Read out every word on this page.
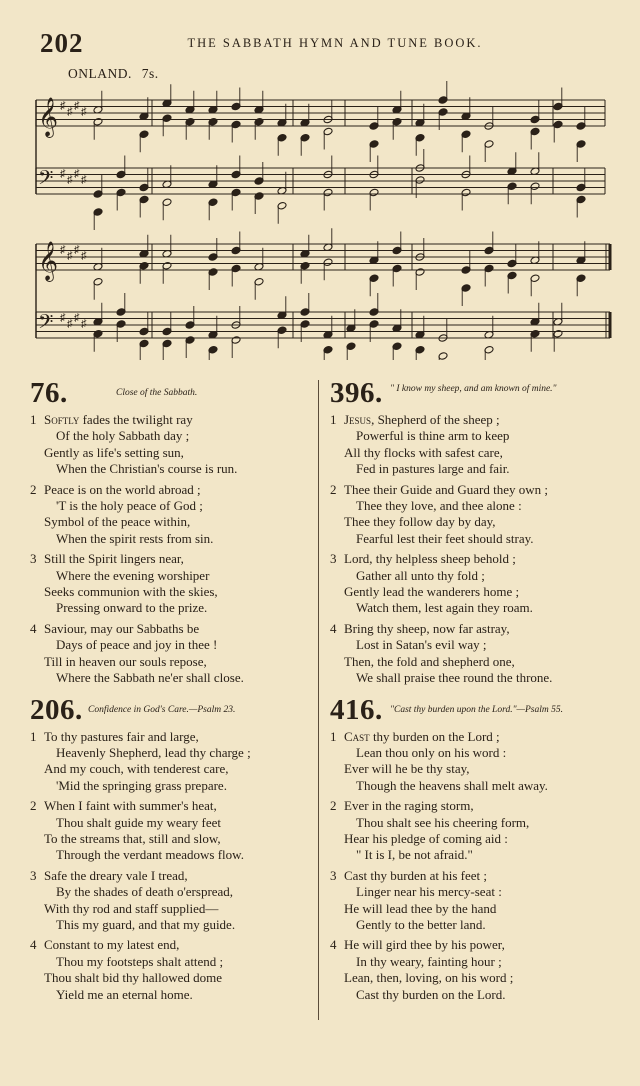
202	THE SABBATH HYMN AND TUNE BOOK.
ONLAND. 7s.
𝄞 ♯ ♯ ♯ ♯
𝄢 ♯ ♯ ♯ ♯
𝄞 ♯ ♯ ♯ ♯
𝄢 ♯ ♯ ♯ ♯
76.	Close of the Sabbath.
1 Softly fades the twilight ray
Of the holy Sabbath day ;
Gently as life's setting sun,
When the Christian's course is run.
2 Peace is on the world abroad ;
'T is the holy peace of God ;
Symbol of the peace within,
When the spirit rests from sin.
3 Still the Spirit lingers near,
Where the evening worshiper
Seeks communion with the skies,
Pressing onward to the prize.
4 Saviour, may our Sabbaths be
Days of peace and joy in thee !
Till in heaven our souls repose,
Where the Sabbath ne'er shall close.
206. Confidence in God's Care.—Psalm 23.
1 To thy pastures fair and large,
Heavenly Shepherd, lead thy charge ;
And my couch, with tenderest care,
'Mid the springing grass prepare.
2 When I faint with summer's heat,
Thou shalt guide my weary feet
To the streams that, still and slow,
Through the verdant meadows flow.
3 Safe the dreary vale I tread,
By the shades of death o'erspread,
With thy rod and staff supplied—
This my guard, and that my guide.
4 Constant to my latest end,
Thou my footsteps shalt attend ;
Thou shalt bid thy hallowed dome
Yield me an eternal home.
396. " I know my sheep, and am known of mine."
1 Jesus, Shepherd of the sheep ;
Powerful is thine arm to keep
All thy flocks with safest care,
Fed in pastures large and fair.
2 Thee their Guide and Guard they own ;
Thee they love, and thee alone :
Thee they follow day by day,
Fearful lest their feet should stray.
3 Lord, thy helpless sheep behold ;
Gather all unto thy fold ;
Gently lead the wanderers home ;
Watch them, lest again they roam.
4 Bring thy sheep, now far astray,
Lost in Satan's evil way ;
Then, the fold and shepherd one,
We shall praise thee round the throne.
416. "Cast thy burden upon the Lord."—Psalm 55.
1 Cast thy burden on the Lord ;
Lean thou only on his word :
Ever will he be thy stay,
Though the heavens shall melt away.
2 Ever in the raging storm,
Thou shalt see his cheering form,
Hear his pledge of coming aid :
" It is I, be not afraid."
3 Cast thy burden at his feet ;
Linger near his mercy-seat :
He will lead thee by the hand
Gently to the better land.
4 He will gird thee by his power,
In thy weary, fainting hour ;
Lean, then, loving, on his word ;
Cast thy burden on the Lord.
